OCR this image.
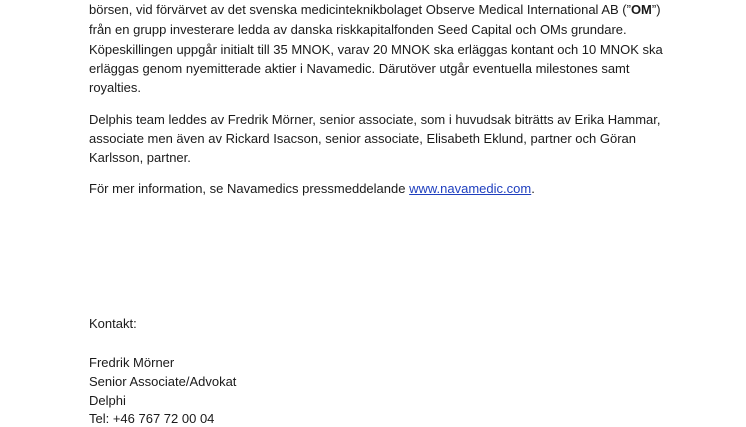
börsen, vid förvärvet av det svenska medicinteknikbolaget Observe Medical International AB (”OM”)
från en grupp investerare ledda av danska riskkapitalfonden Seed Capital och OMs grundare.
Köpeskillingen uppgår initialt till 35 MNOK, varav 20 MNOK ska erläggas kontant och 10 MNOK ska
erläggas genom nyemitterade aktier i Navamedic. Därutöver utgår eventuella milestones samt
royalties.
Delphis team leddes av Fredrik Mörner, senior associate, som i huvudsak biträtts av Erika Hammar,
associate men även av Rickard Isacson, senior associate, Elisabeth Eklund, partner och Göran
Karlsson, partner.
För mer information, se Navamedics pressmeddelande www.navamedic.com.
Kontakt:
Fredrik Mörner
Senior Associate/Advokat
Delphi
Tel: +46 767 72 00 04
